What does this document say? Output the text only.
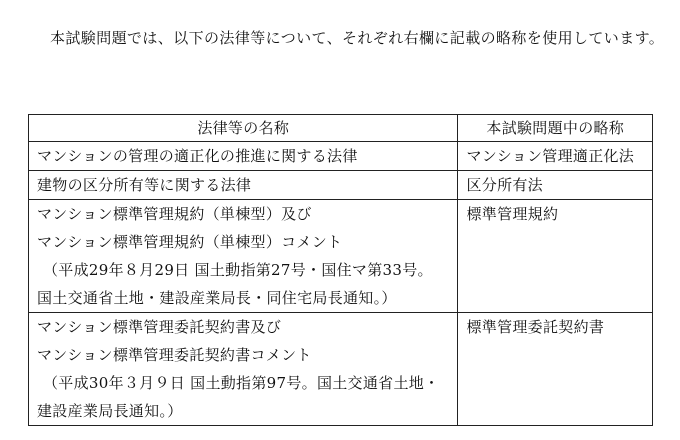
本試験問題では、以下の法律等について、それぞれ右欄に記載の略称を使用しています。

法律等の名称	本試験問題中の略称

マンションの管理の適正化の推進に関する法律	マンション管理適正化法

建物の区分所有等に関する法律	区分所有法

マンション標準管理規約（単棟型）及び
マンション標準管理規約（単棟型）コメント
（平成29年８月29日 国土動指第27号・国住マ第33号。
国土交通省土地・建設産業局長・同住宅局長通知。）	標準管理規約

マンション標準管理委託契約書及び
マンション標準管理委託契約書コメント
（平成30年３月９日 国土動指第97号。国土交通省土地・
建設産業局長通知。）	標準管理委託契約書
